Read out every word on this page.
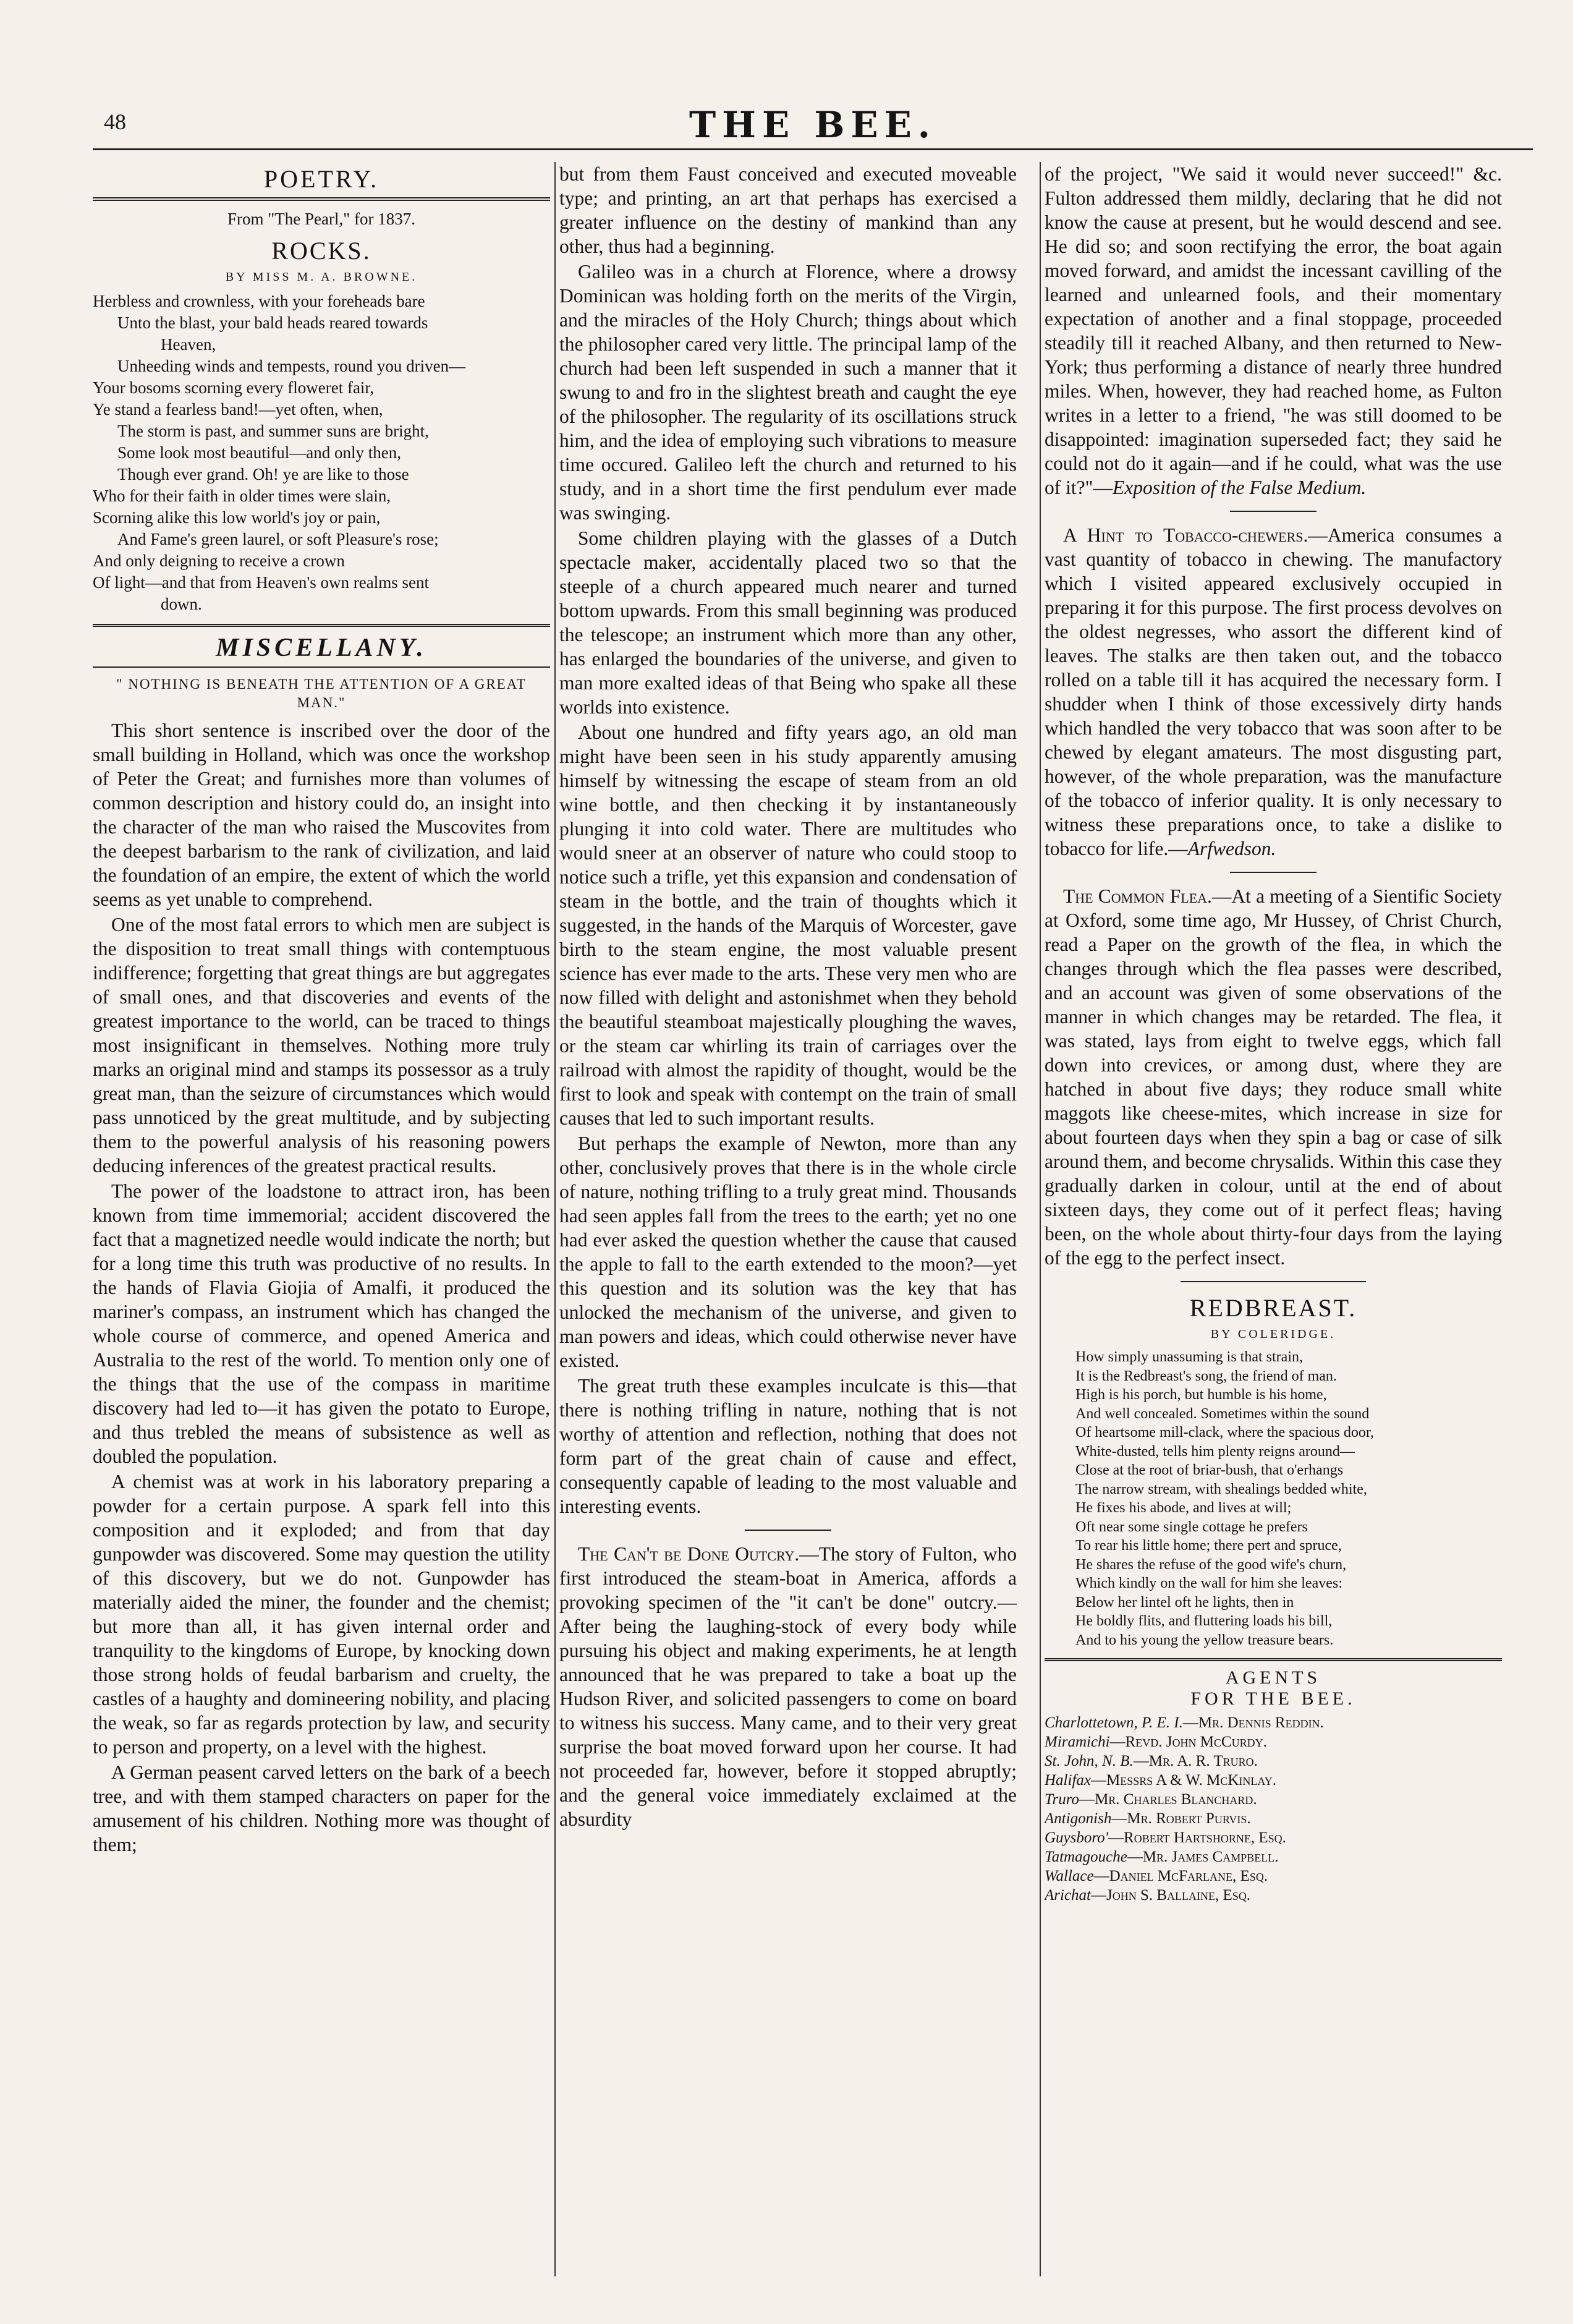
48	THE BEE.
POETRY.
From "The Pearl," for 1837.
ROCKS.
BY MISS M. A. BROWNE.
Herbless and crownless, with your foreheads bare
Unto the blast, your bald heads reared towards
Heaven,
Unheeding winds and tempests, round you driven—
Your bosoms scorning every floweret fair,
Ye stand a fearless band!—yet often, when,
The storm is past, and summer suns are bright,
Some look most beautiful—and only then,
Though ever grand. Oh! ye are like to those
Who for their faith in older times were slain,
Scorning alike this low world's joy or pain,
And Fame's green laurel, or soft Pleasure's rose;
And only deigning to receive a crown
Of light—and that from Heaven's own realms sent
down.
MISCELLANY.
" NOTHING IS BENEATH THE ATTENTION OF A GREAT MAN."

This short sentence is inscribed over the door of the small building in Holland, which was once the workshop of Peter the Great; and furnishes more than volumes of common description and history could do, an insight into the character of the man who raised the Muscovites from the deepest barbarism to the rank of civilization, and laid the foundation of an empire, the extent of which the world seems as yet unable to comprehend.

One of the most fatal errors to which men are subject is the disposition to treat small things with contemptuous indifference; forgetting that great things are but aggregates of small ones, and that discoveries and events of the greatest importance to the world, can be traced to things most insignificant in themselves. Nothing more truly marks an original mind and stamps its possessor as a truly great man, than the seizure of circumstances which would pass unnoticed by the great multitude, and by subjecting them to the powerful analysis of his reasoning powers deducing inferences of the greatest practical results.

The power of the loadstone to attract iron, has been known from time immemorial; accident discovered the fact that a magnetized needle would indicate the north; but for a long time this truth was productive of no results. In the hands of Flavia Giojia of Amalfi, it produced the mariner's compass, an instrument which has changed the whole course of commerce, and opened America and Australia to the rest of the world. To mention only one of the things that the use of the compass in maritime discovery had led to—it has given the potato to Europe, and thus trebled the means of subsistence as well as doubled the population.

A chemist was at work in his laboratory preparing a powder for a certain purpose. A spark fell into this composition and it exploded; and from that day gunpowder was discovered. Some may question the utility of this discovery, but we do not. Gunpowder has materially aided the miner, the founder and the chemist; but more than all, it has given internal order and tranquility to the kingdoms of Europe, by knocking down those strong holds of feudal barbarism and cruelty, the castles of a haughty and domineering nobility, and placing the weak, so far as regards protection by law, and security to person and property, on a level with the highest.

A German peasent carved letters on the bark of a beech tree, and with them stamped characters on paper for the amusement of his children. Nothing more was thought of them;

but from them Faust conceived and executed moveable type; and printing, an art that perhaps has exercised a greater influence on the destiny of mankind than any other, thus had a beginning.

Galileo was in a church at Florence, where a drowsy Dominican was holding forth on the merits of the Virgin, and the miracles of the Holy Church; things about which the philosopher cared very little. The principal lamp of the church had been left suspended in such a manner that it swung to and fro in the slightest breath and caught the eye of the philosopher. The regularity of its oscillations struck him, and the idea of employing such vibrations to measure time occured. Galileo left the church and returned to his study, and in a short time the first pendulum ever made was swinging.

Some children playing with the glasses of a Dutch spectacle maker, accidentally placed two so that the steeple of a church appeared much nearer and turned bottom upwards. From this small beginning was produced the telescope; an instrument which more than any other, has enlarged the boundaries of the universe, and given to man more exalted ideas of that Being who spake all these worlds into existence.

About one hundred and fifty years ago, an old man might have been seen in his study apparently amusing himself by witnessing the escape of steam from an old wine bottle, and then checking it by instantaneously plunging it into cold water. There are multitudes who would sneer at an observer of nature who could stoop to notice such a trifle, yet this expansion and condensation of steam in the bottle, and the train of thoughts which it suggested, in the hands of the Marquis of Worcester, gave birth to the steam engine, the most valuable present science has ever made to the arts. These very men who are now filled with delight and astonishmet when they behold the beautiful steamboat majestically ploughing the waves, or the steam car whirling its train of carriages over the railroad with almost the rapidity of thought, would be the first to look and speak with contempt on the train of small causes that led to such important results.

But perhaps the example of Newton, more than any other, conclusively proves that there is in the whole circle of nature, nothing trifling to a truly great mind. Thousands had seen apples fall from the trees to the earth; yet no one had ever asked the question whether the cause that caused the apple to fall to the earth extended to the moon?—yet this question and its solution was the key that has unlocked the mechanism of the universe, and given to man powers and ideas, which could otherwise never have existed.

The great truth these examples inculcate is this—that there is nothing trifling in nature, nothing that is not worthy of attention and reflection, nothing that does not form part of the great chain of cause and effect, consequently capable of leading to the most valuable and interesting events.

The Can't be Done Outcry.—The story of Fulton, who first introduced the steam-boat in America, affords a provoking specimen of the "it can't be done" outcry.—After being the laughing-stock of every body while pursuing his object and making experiments, he at length announced that he was prepared to take a boat up the Hudson River, and solicited passengers to come on board to witness his success. Many came, and to their very great surprise the boat moved forward upon her course. It had not proceeded far, however, before it stopped abruptly; and the general voice immediately exclaimed at the absurdity

of the project, "We said it would never succeed!" &c. Fulton addressed them mildly, declaring that he did not know the cause at present, but he would descend and see. He did so; and soon rectifying the error, the boat again moved forward, and amidst the incessant cavilling of the learned and unlearned fools, and their momentary expectation of another and a final stoppage, proceeded steadily till it reached Albany, and then returned to New-York; thus performing a distance of nearly three hundred miles. When, however, they had reached home, as Fulton writes in a letter to a friend, "he was still doomed to be disappointed: imagination superseded fact; they said he could not do it again—and if he could, what was the use of it?"—Exposition of the False Medium.

A Hint to Tobacco-chewers.—America consumes a vast quantity of tobacco in chewing. The manufactory which I visited appeared exclusively occupied in preparing it for this purpose. The first process devolves on the oldest negresses, who assort the different kind of leaves. The stalks are then taken out, and the tobacco rolled on a table till it has acquired the necessary form. I shudder when I think of those excessively dirty hands which handled the very tobacco that was soon after to be chewed by elegant amateurs. The most disgusting part, however, of the whole preparation, was the manufacture of the tobacco of inferior quality. It is only necessary to witness these preparations once, to take a dislike to tobacco for life.—Arfwedson.

The Common Flea.—At a meeting of a Sientific Society at Oxford, some time ago, Mr Hussey, of Christ Church, read a Paper on the growth of the flea, in which the changes through which the flea passes were described, and an account was given of some observations of the manner in which changes may be retarded. The flea, it was stated, lays from eight to twelve eggs, which fall down into crevices, or among dust, where they are hatched in about five days; they roduce small white maggots like cheese-mites, which increase in size for about fourteen days when they spin a bag or case of silk around them, and become chrysalids. Within this case they gradually darken in colour, until at the end of about sixteen days, they come out of it perfect fleas; having been, on the whole about thirty-four days from the laying of the egg to the perfect insect.

REDBREAST.
BY COLERIDGE.
How simply unassuming is that strain,
It is the Redbreast's song, the friend of man.
High is his porch, but humble is his home,
And well concealed. Sometimes within the sound
Of heartsome mill-clack, where the spacious door,
White-dusted, tells him plenty reigns around—
Close at the root of briar-bush, that o'erhangs
The narrow stream, with shealings bedded white,
He fixes his abode, and lives at will;
Oft near some single cottage he prefers
To rear his little home; there pert and spruce,
He shares the refuse of the good wife's churn,
Which kindly on the wall for him she leaves:
Below her lintel oft he lights, then in
He boldly flits, and fluttering loads his bill,
And to his young the yellow treasure bears.
AGENTS
FOR THE BEE.
Charlottetown, P. E. I.—Mr. Dennis Reddin.
Miramichi—Revd. John McCurdy.
St. John, N. B.—Mr. A. R. Truro.
Halifax—Messrs A & W. McKinlay.
Truro—Mr. Charles Blanchard.
Antigonish—Mr. Robert Purvis.
Guysboro'—Robert Hartshorne, Esq.
Tatmagouche—Mr. James Campbell.
Wallace—Daniel McFarlane, Esq.
Arichat—John S. Ballaine, Esq.
